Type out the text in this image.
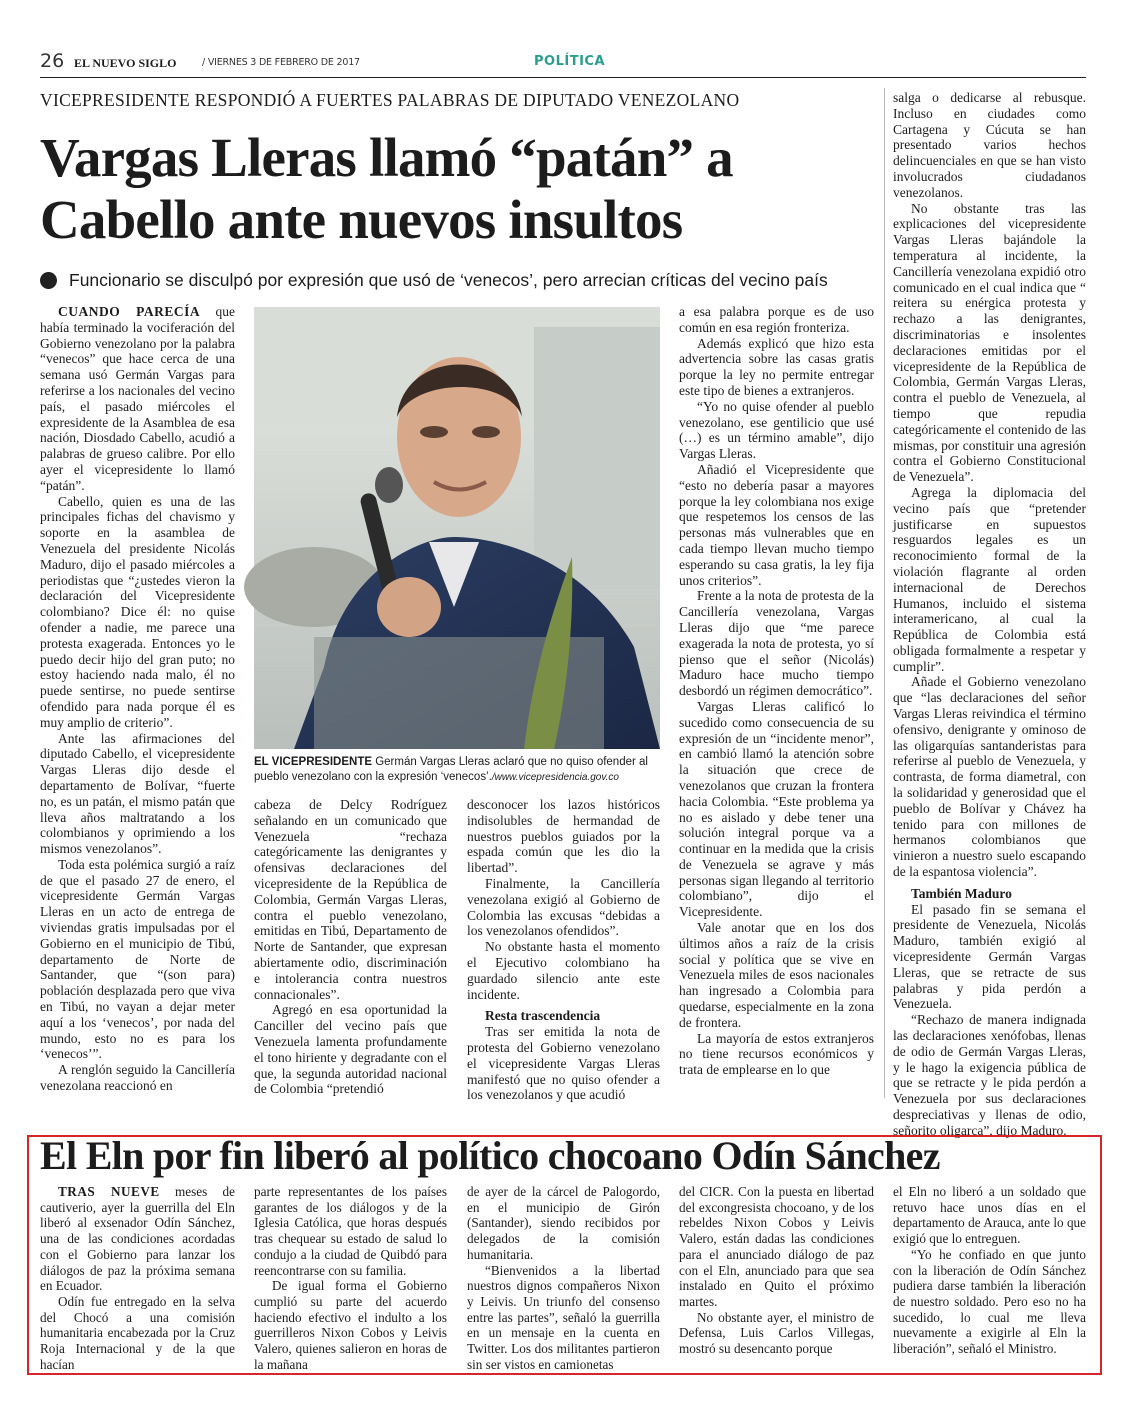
26 EL NUEVO SIGLO	/ VIERNES 3 DE FEBRERO DE 2017	POLÍTICA
VICEPRESIDENTE RESPONDIÓ A FUERTES PALABRAS DE DIPUTADO VENEZOLANO
Vargas Lleras llamó “patán” a Cabello ante nuevos insultos
Funcionario se disculpó por expresión que usó de ‘venecos’, pero arrecian críticas del vecino país

CUANDO PARECÍA que había terminado la vociferación del Gobierno venezolano por la palabra “venecos” que hace cerca de una semana usó Germán Vargas para referirse a los nacionales del vecino país, el pasado miércoles el expresidente de la Asamblea de esa nación, Diosdado Cabello, acudió a palabras de grueso calibre. Por ello ayer el vicepresidente lo llamó “patán”.

Cabello, quien es una de las principales fichas del chavismo y soporte en la asamblea de Venezuela del presidente Nicolás Maduro, dijo el pasado miércoles a periodistas que “¿ustedes vieron la declaración del Vicepresidente colombiano? Dice él: no quise ofender a nadie, me parece una protesta exagerada. Entonces yo le puedo decir hijo del gran puto; no estoy haciendo nada malo, él no puede sentirse, no puede sentirse ofendido para nada porque él es muy amplio de criterio”.

Ante las afirmaciones del diputado Cabello, el vicepresidente Vargas Lleras dijo desde el departamento de Bolívar, “fuerte no, es un patán, el mismo patán que lleva años maltratando a los colombianos y oprimiendo a los mismos venezolanos”.

Toda esta polémica surgió a raíz de que el pasado 27 de enero, el vicepresidente Germán Vargas Lleras en un acto de entrega de viviendas gratis impulsadas por el Gobierno en el municipio de Tibú, departamento de Norte de Santander, que “(son para) población desplazada pero que viva en Tibú, no vayan a dejar meter aquí a los ‘venecos’, por nada del mundo, esto no es para los ‘venecos’”.

A renglón seguido la Cancillería venezolana reaccionó en

EL VICEPRESIDENTE Germán Vargas Lleras aclaró que no quiso ofender al pueblo venezolano con la expresión ‘venecos’./www.vicepresidencia.gov.co

cabeza de Delcy Rodríguez señalando en un comunicado que Venezuela “rechaza categóricamente las denigrantes y ofensivas declaraciones del vicepresidente de la República de Colombia, Germán Vargas Lleras, contra el pueblo venezolano, emitidas en Tibú, Departamento de Norte de Santander, que expresan abiertamente odio, discriminación e intolerancia contra nuestros connacionales”.

Agregó en esa oportunidad la Canciller del vecino país que Venezuela lamenta profundamente el tono hiriente y degradante con el que, la segunda autoridad nacional de Colombia “pretendió

desconocer los lazos históricos indisolubles de hermandad de nuestros pueblos guiados por la espada común que les dio la libertad”.

Finalmente, la Cancillería venezolana exigió al Gobierno de Colombia las excusas “debidas a los venezolanos ofendidos”.

No obstante hasta el momento el Ejecutivo colombiano ha guardado silencio ante este incidente.

Resta trascendencia

Tras ser emitida la nota de protesta del Gobierno venezolano el vicepresidente Vargas Lleras manifestó que no quiso ofender a los venezolanos y que acudió

a esa palabra porque es de uso común en esa región fronteriza.

Además explicó que hizo esta advertencia sobre las casas gratis porque la ley no permite entregar este tipo de bienes a extranjeros.

“Yo no quise ofender al pueblo venezolano, ese gentilicio que usé (…) es un término amable”, dijo Vargas Lleras.

Añadió el Vicepresidente que “esto no debería pasar a mayores porque la ley colombiana nos exige que respetemos los censos de las personas más vulnerables que en cada tiempo llevan mucho tiempo esperando su casa gratis, la ley fija unos criterios”.

Frente a la nota de protesta de la Cancillería venezolana, Vargas Lleras dijo que “me parece exagerada la nota de protesta, yo sí pienso que el señor (Nicolás) Maduro hace mucho tiempo desbordó un régimen democrático”.

Vargas Lleras calificó lo sucedido como consecuencia de su expresión de un “incidente menor”, en cambió llamó la atención sobre la situación que crece de venezolanos que cruzan la frontera hacia Colombia. “Este problema ya no es aislado y debe tener una solución integral porque va a continuar en la medida que la crisis de Venezuela se agrave y más personas sigan llegando al territorio colombiano”, dijo el Vicepresidente.

Vale anotar que en los dos últimos años a raíz de la crisis social y política que se vive en Venezuela miles de esos nacionales han ingresado a Colombia para quedarse, especialmente en la zona de frontera.

La mayoría de estos extranjeros no tiene recursos económicos y trata de emplearse en lo que

salga o dedicarse al rebusque. Incluso en ciudades como Cartagena y Cúcuta se han presentado varios hechos delincuenciales en que se han visto involucrados ciudadanos venezolanos.

No obstante tras las explicaciones del vicepresidente Vargas Lleras bajándole la temperatura al incidente, la Cancillería venezolana expidió otro comunicado en el cual indica que “ reitera su enérgica protesta y rechazo a las denigrantes, discriminatorias e insolentes declaraciones emitidas por el vicepresidente de la República de Colombia, Germán Vargas Lleras, contra el pueblo de Venezuela, al tiempo que repudia categóricamente el contenido de las mismas, por constituir una agresión contra el Gobierno Constitucional de Venezuela”.

Agrega la diplomacia del vecino país que “pretender justificarse en supuestos resguardos legales es un reconocimiento formal de la violación flagrante al orden internacional de Derechos Humanos, incluido el sistema interamericano, al cual la República de Colombia está obligada formalmente a respetar y cumplir”.

Añade el Gobierno venezolano que “las declaraciones del señor Vargas Lleras reivindica el término ofensivo, denigrante y ominoso de las oligarquías santanderistas para referirse al pueblo de Venezuela, y contrasta, de forma diametral, con la solidaridad y generosidad que el pueblo de Bolívar y Chávez ha tenido para con millones de hermanos colombianos que vinieron a nuestro suelo escapando de la espantosa violencia”.

También Maduro

El pasado fin se semana el presidente de Venezuela, Nicolás Maduro, también exigió al vicepresidente Germán Vargas Lleras, que se retracte de sus palabras y pida perdón a Venezuela.

“Rechazo de manera indignada las declaraciones xenófobas, llenas de odio de Germán Vargas Lleras, y le hago la exigencia pública de que se retracte y le pida perdón a Venezuela por sus declaraciones despreciativas y llenas de odio, señorito oligarca”, dijo Maduro.

El Eln por fin liberó al político chocoano Odín Sánchez

TRAS NUEVE meses de cautiverio, ayer la guerrilla del Eln liberó al exsenador Odín Sánchez, una de las condiciones acordadas con el Gobierno para lanzar los diálogos de paz la próxima semana en Ecuador.

Odín fue entregado en la selva del Chocó a una comisión humanitaria encabezada por la Cruz Roja Internacional y de la que hacían

parte representantes de los países garantes de los diálogos y de la Iglesia Católica, que horas después tras chequear su estado de salud lo condujo a la ciudad de Quibdó para reencontrarse con su familia.

De igual forma el Gobierno cumplió su parte del acuerdo haciendo efectivo el indulto a los guerrilleros Nixon Cobos y Leivis Valero, quienes salieron en horas de la mañana

de ayer de la cárcel de Palogordo, en el municipio de Girón (Santander), siendo recibidos por delegados de la comisión humanitaria.

“Bienvenidos a la libertad nuestros dignos compañeros Nixon y Leivis. Un triunfo del consenso entre las partes”, señaló la guerrilla en un mensaje en la cuenta en Twitter. Los dos militantes partieron sin ser vistos en camionetas

del CICR. Con la puesta en libertad del excongresista chocoano, y de los rebeldes Nixon Cobos y Leivis Valero, están dadas las condiciones para el anunciado diálogo de paz con el Eln, anunciado para que sea instalado en Quito el próximo martes.

No obstante ayer, el ministro de Defensa, Luis Carlos Villegas, mostró su desencanto porque

el Eln no liberó a un soldado que retuvo hace unos días en el departamento de Arauca, ante lo que exigió que lo entreguen.

“Yo he confiado en que junto con la liberación de Odín Sánchez pudiera darse también la liberación de nuestro soldado. Pero eso no ha sucedido, lo cual me lleva nuevamente a exigirle al Eln la liberación”, señaló el Ministro.
